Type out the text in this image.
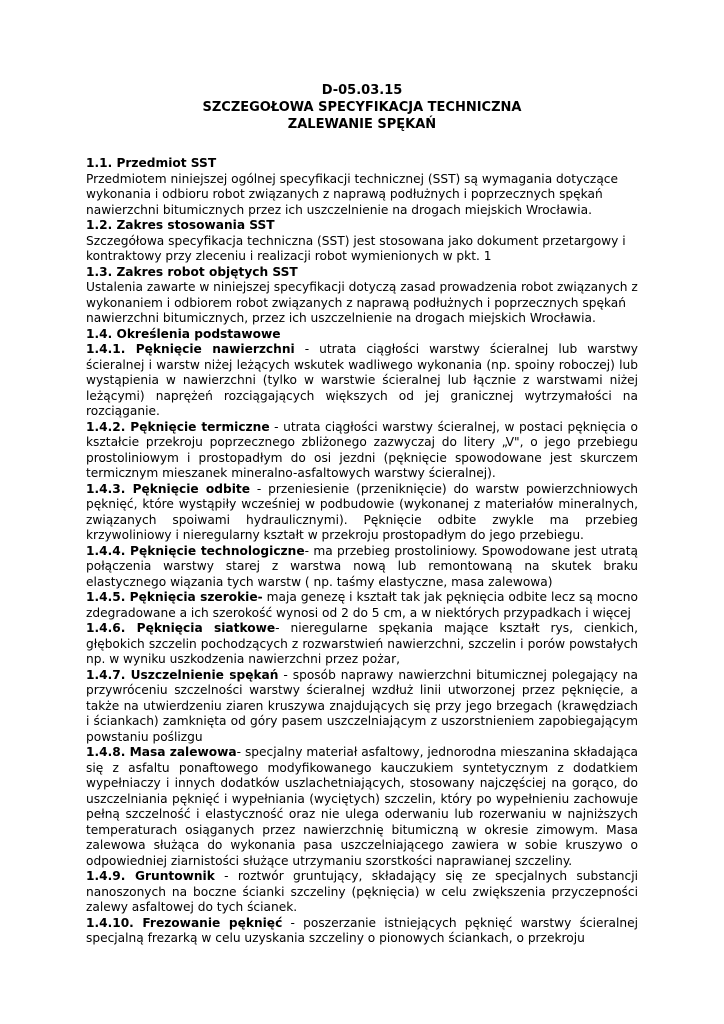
D-05.03.15
SZCZEGOŁOWA SPECYFIKACJA TECHNICZNA
ZALEWANIE SPĘKAŃ

1.1. Przedmiot SST

Przedmiotem niniejszej ogólnej specyfikacji technicznej (SST) są wymagania dotyczące wykonania i odbioru robot związanych z naprawą podłużnych i poprzecznych spękań nawierzchni bitumicznych przez ich uszczelnienie na drogach miejskich Wrocławia.

1.2. Zakres stosowania SST

Szczegółowa specyfikacja techniczna (SST) jest stosowana jako dokument przetargowy i kontraktowy przy zleceniu i realizacji robot wymienionych w pkt. 1

1.3. Zakres robot objętych SST

Ustalenia zawarte w niniejszej specyfikacji dotyczą zasad prowadzenia robot związanych z wykonaniem i odbiorem robot związanych z naprawą podłużnych i poprzecznych spękań nawierzchni bitumicznych, przez ich uszczelnienie na drogach miejskich Wrocławia.

1.4. Określenia podstawowe

1.4.1. Pęknięcie nawierzchni - utrata ciągłości warstwy ścieralnej lub warstwy ścieralnej i warstw niżej leżących wskutek wadliwego wykonania (np. spoiny roboczej) lub wystąpienia w nawierzchni (tylko w warstwie ścieralnej lub łącznie z warstwami niżej leżącymi) naprężeń rozciągających większych od jej granicznej wytrzymałości na rozciąganie.

1.4.2. Pęknięcie termiczne - utrata ciągłości warstwy ścieralnej, w postaci pęknięcia o kształcie przekroju poprzecznego zbliżonego zazwyczaj do litery „V", o jego przebiegu prostoliniowym i prostopadłym do osi jezdni (pęknięcie spowodowane jest skurczem termicznym mieszanek mineralno-asfaltowych warstwy ścieralnej).

1.4.3. Pęknięcie odbite - przeniesienie (przeniknięcie) do warstw powierzchniowych pęknięć, które wystąpiły wcześniej w podbudowie (wykonanej z materiałów mineralnych, związanych spoiwami hydraulicznymi). Pęknięcie odbite zwykle ma przebieg krzywoliniowy i nieregularny kształt w przekroju prostopadłym do jego przebiegu.

1.4.4. Pęknięcie technologiczne- ma przebieg prostoliniowy. Spowodowane jest utratą połączenia warstwy starej z warstwa nową lub remontowaną na skutek braku elastycznego wiązania tych warstw ( np. taśmy elastyczne, masa zalewowa)

1.4.5. Pęknięcia szerokie- maja genezę i kształt tak jak pęknięcia odbite lecz są mocno zdegradowane a ich szerokość wynosi od 2 do 5 cm, a w niektórych przypadkach i więcej

1.4.6. Pęknięcia siatkowe- nieregularne spękania mające kształt rys, cienkich, głębokich szczelin pochodzących z rozwarstwień nawierzchni, szczelin i porów powstałych np. w wyniku uszkodzenia nawierzchni przez pożar,

1.4.7. Uszczelnienie spękań - sposób naprawy nawierzchni bitumicznej polegający na przywróceniu szczelności warstwy ścieralnej wzdłuż linii utworzonej przez pęknięcie, a także na utwierdzeniu ziaren kruszywa znajdujących się przy jego brzegach (krawędziach i ściankach) zamknięta od góry pasem uszczelniającym z uszorstnieniem zapobiegającym powstaniu poślizgu

1.4.8. Masa zalewowa- specjalny materiał asfaltowy, jednorodna mieszanina składająca się z asfaltu ponaftowego modyfikowanego kauczukiem syntetycznym z dodatkiem wypełniaczy i innych dodatków uszlachetniających, stosowany najczęściej na gorąco, do uszczelniania pęknięć i wypełniania (wyciętych) szczelin, który po wypełnieniu zachowuje pełną szczelność i elastyczność oraz nie ulega oderwaniu lub rozerwaniu w najniższych temperaturach osiąganych przez nawierzchnię bitumiczną w okresie zimowym. Masa zalewowa służąca do wykonania pasa uszczelniającego zawiera w sobie kruszywo o odpowiedniej ziarnistości służące utrzymaniu szorstkości naprawianej szczeliny.

1.4.9. Gruntownik - roztwór gruntujący, składający się ze specjalnych substancji nanoszonych na boczne ścianki szczeliny (pęknięcia) w celu zwiększenia przyczepności zalewy asfaltowej do tych ścianek.

1.4.10. Frezowanie pęknięć - poszerzanie istniejących pęknięć warstwy ścieralnej specjalną frezarką w celu uzyskania szczeliny o pionowych ściankach, o przekroju
